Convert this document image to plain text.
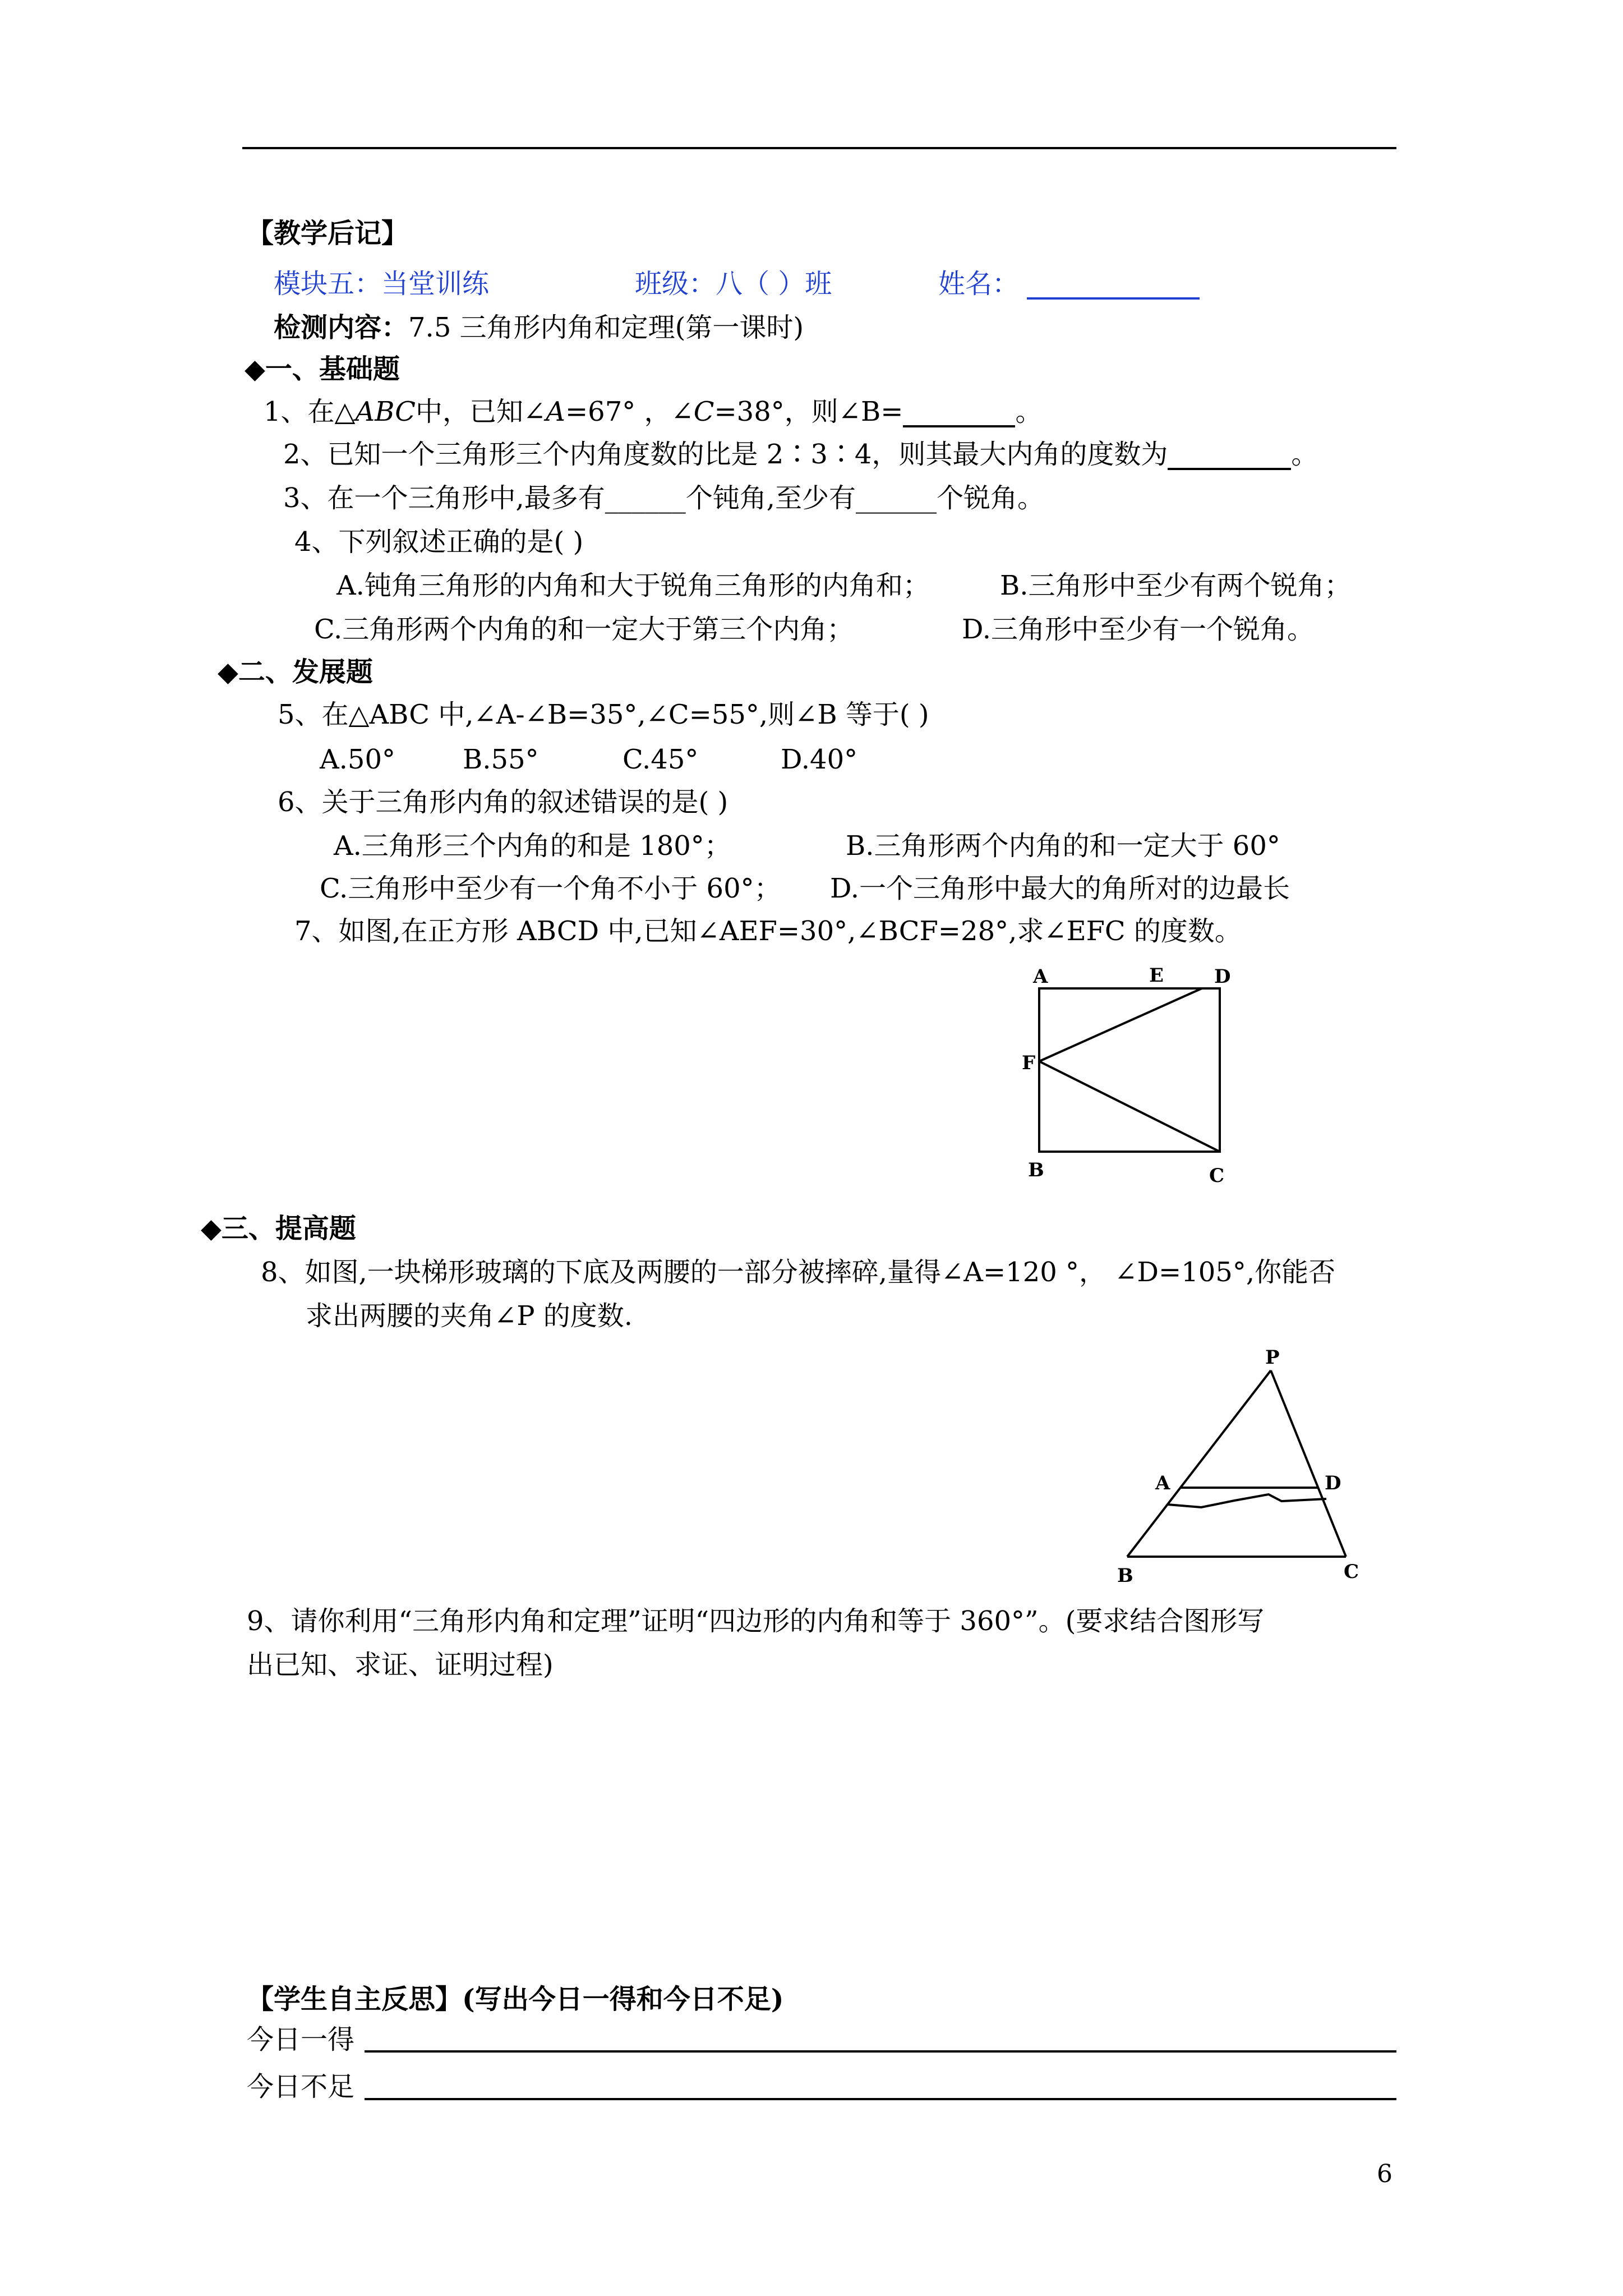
【教学后记】
模块五：当堂训练	班级：八（ ）班	姓名：
检测内容：7.5 三角形内角和定理(第一课时)
◆一、基础题
1、在△ABC中，已知∠A=67° ，∠C=38°，则∠B=	。
2、已知一个三角形三个内角度数的比是 2∶3∶4，则其最大内角的度数为	。
3、在一个三角形中,最多有______个钝角,至少有______个锐角。
4、下列叙述正确的是( )
A.钝角三角形的内角和大于锐角三角形的内角和；	B.三角形中至少有两个锐角；
C.三角形两个内角的和一定大于第三个内角；	D.三角形中至少有一个锐角。
◆二、发展题
5、在△ABC 中,∠A-∠B=35°,∠C=55°,则∠B 等于( )
A.50°	B.55°	C.45°	D.40°
6、关于三角形内角的叙述错误的是( )
A.三角形三个内角的和是 180°；	B.三角形两个内角的和一定大于 60°
C.三角形中至少有一个角不小于 60°； D.一个三角形中最大的角所对的边最长
7、如图,在正方形 ABCD 中,已知∠AEF=30°,∠BCF=28°,求∠EFC 的度数。
A	E	D
F
B	C
◆三、提高题
8、如图,一块梯形玻璃的下底及两腰的一部分被摔碎,量得∠A=120 °， ∠D=105°,你能否
求出两腰的夹角∠P 的度数.
P
A	D
B	C
9、请你利用“三角形内角和定理”证明“四边形的内角和等于 360°”。(要求结合图形写
出已知、求证、证明过程)
【学生自主反思】(写出今日一得和今日不足)
今日一得
今日不足
6
